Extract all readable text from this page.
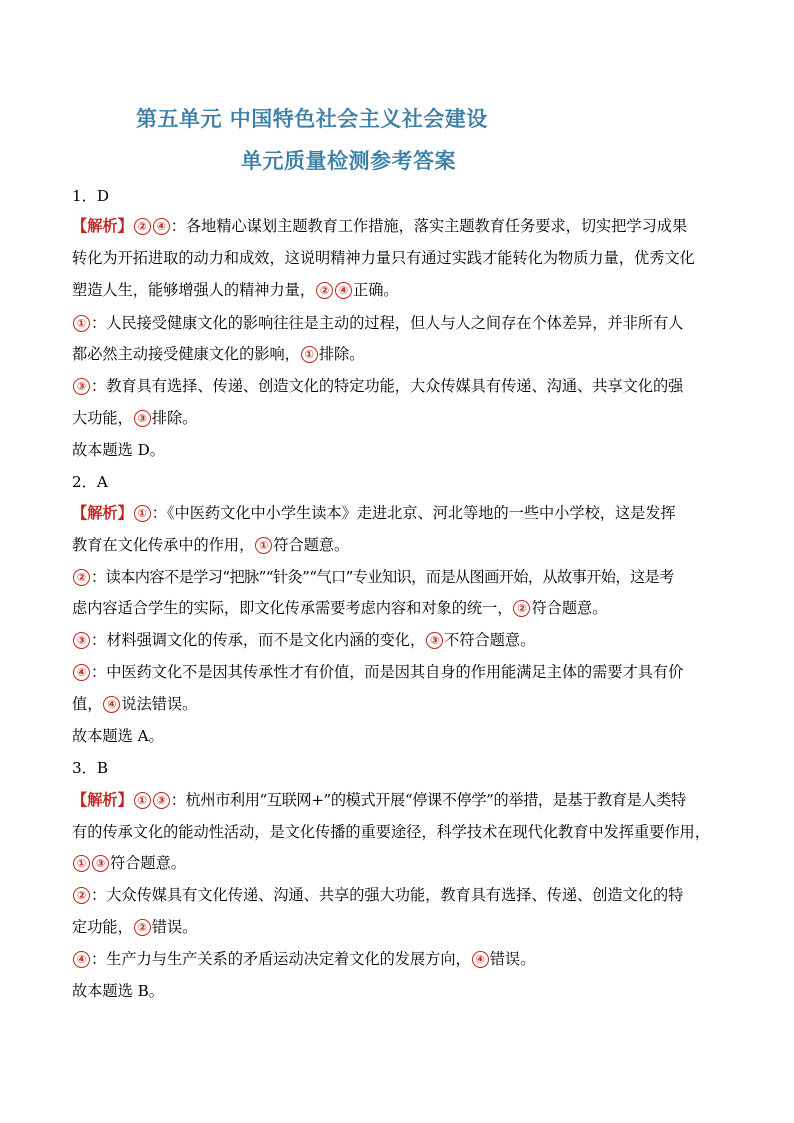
第五单元 中国特色社会主义社会建设
单元质量检测参考答案
1．D
【解析】 ② ④ ：各地精心谋划主题教育工作措施，落实主题教育任务要求，切实把学习成果
转化为开拓进取的动力和成效，这说明精神力量只有通过实践才能转化为物质力量，优秀文化
塑造人生，能够增强人的精神力量， ② ④ 正确。
① ：人民接受健康文化的影响往往是主动的过程，但人与人之间存在个体差异，并非所有人
都必然主动接受健康文化的影响， ① 排除。
③ ：教育具有选择、传递、创造文化的特定功能，大众传媒具有传递、沟通、共享文化的强
大功能， ③ 排除。
故本题选 D。
2．A
【解析】 ① ：《中医药文化中小学生读本》走进北京、河北等地的一些中小学校，这是发挥
教育在文化传承中的作用， ① 符合题意。
② ：读本内容不是学习“把脉”“针灸”“气口”专业知识，而是从图画开始，从故事开始，这是考
虑内容适合学生的实际，即文化传承需要考虑内容和对象的统一， ② 符合题意。
③ ：材料强调文化的传承，而不是文化内涵的变化， ③ 不符合题意。
④ ：中医药文化不是因其传承性才有价值，而是因其自身的作用能满足主体的需要才具有价
值， ④ 说法错误。
故本题选 A。
3．B
【解析】 ① ③ ：杭州市利用“互联网+”的模式开展“停课不停学”的举措，是基于教育是人类特
有的传承文化的能动性活动，是文化传播的重要途径，科学技术在现代化教育中发挥重要作用，
① ③ 符合题意。
② ：大众传媒具有文化传递、沟通、共享的强大功能，教育具有选择、传递、创造文化的特
定功能， ② 错误。
④ ：生产力与生产关系的矛盾运动决定着文化的发展方向， ④ 错误。
故本题选 B。
